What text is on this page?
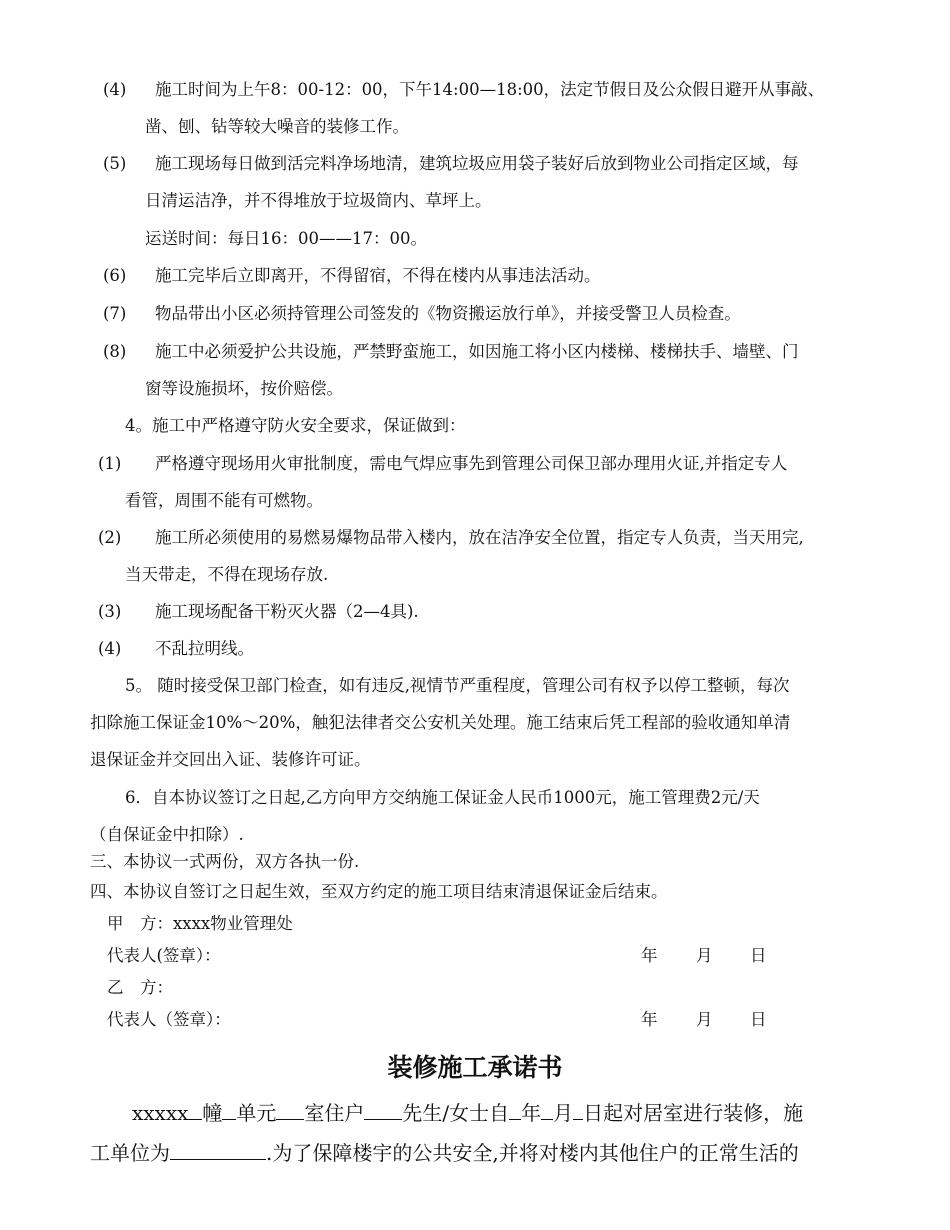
(4) 施工时间为上午8：00-12：00，下午14:00—18:00，法定节假日及公众假日避开从事敲、
凿、刨、钻等较大噪音的装修工作。
(5) 施工现场每日做到活完料净场地清，建筑垃圾应用袋子装好后放到物业公司指定区域，每
日清运洁净，并不得堆放于垃圾筒内、草坪上。
运送时间：每日16：00——17：00。
(6) 施工完毕后立即离开，不得留宿，不得在楼内从事违法活动。
(7) 物品带出小区必须持管理公司签发的《物资搬运放行单》，并接受警卫人员检查。
(8) 施工中必须爱护公共设施，严禁野蛮施工，如因施工将小区内楼梯、楼梯扶手、墙壁、门
窗等设施损坏，按价赔偿。
4。施工中严格遵守防火安全要求，保证做到：
(1) 严格遵守现场用火审批制度，需电气焊应事先到管理公司保卫部办理用火证,并指定专人
看管，周围不能有可燃物。
(2) 施工所必须使用的易燃易爆物品带入楼内，放在洁净安全位置，指定专人负责，当天用完,
当天带走，不得在现场存放.
(3) 施工现场配备干粉灭火器（2—4具).
(4) 不乱拉明线。
5。 随时接受保卫部门检查，如有违反,视情节严重程度，管理公司有权予以停工整顿，每次
扣除施工保证金10%～20%，触犯法律者交公安机关处理。施工结束后凭工程部的验收通知单清
退保证金并交回出入证、装修许可证。
6．自本协议签订之日起,乙方向甲方交纳施工保证金人民币1000元，施工管理费2元/天
（自保证金中扣除）.
三、本协议一式两份，双方各执一份.
四、本协议自签订之日起生效，至双方约定的施工项目结束清退保证金后结束。
甲　方：xxxx物业管理处
代表人(签章）：	年 月 日
乙　方：
代表人（签章）：	年 月 日
装修施工承诺书
xxxxx 幢 单元 室住户 先生/女士自 年 月 日起对居室进行装修，施
工单位为	.为了保障楼宇的公共安全,并将对楼内其他住户的正常生活的
